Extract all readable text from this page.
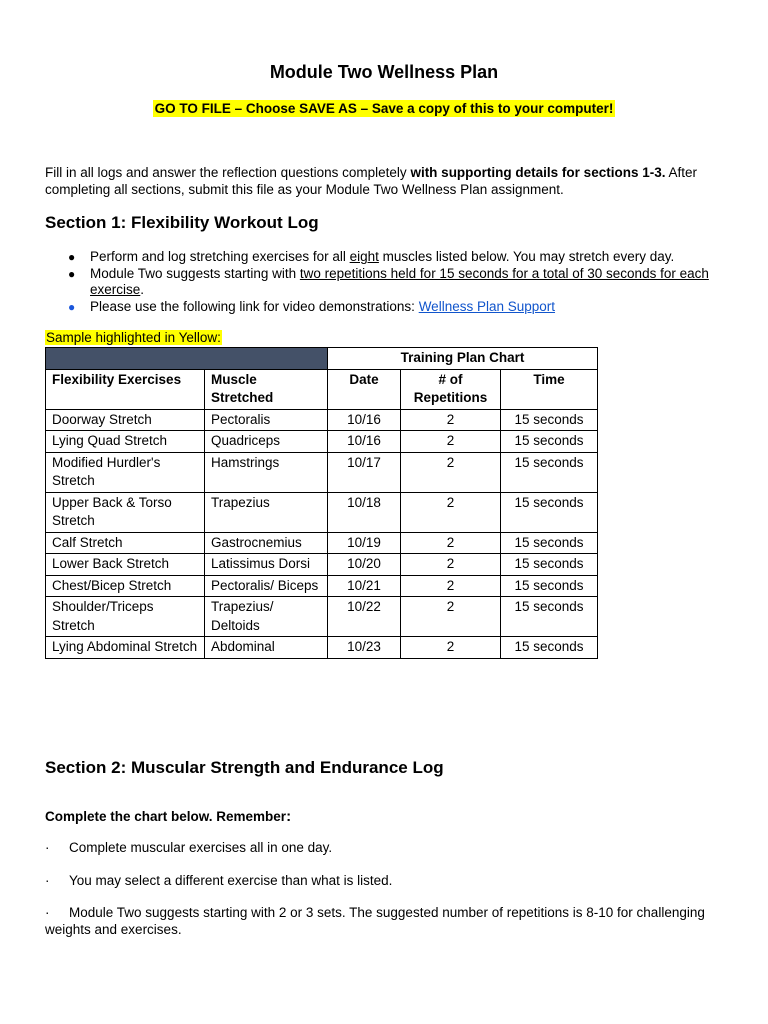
Module Two Wellness Plan
GO TO FILE – Choose SAVE AS – Save a copy of this to your computer!
Fill in all logs and answer the reflection questions completely with supporting details for sections 1-3. After completing all sections, submit this file as your Module Two Wellness Plan assignment.
Section 1: Flexibility Workout Log
● Perform and log stretching exercises for all eight muscles listed below. You may stretch every day.
● Module Two suggests starting with two repetitions held for 15 seconds for a total of 30 seconds for each exercise.
● Please use the following link for video demonstrations: Wellness Plan Support
Sample highlighted in Yellow:
		Training Plan Chart		
Flexibility Exercises	Muscle Stretched	Date	# of Repetitions	Time
Doorway Stretch	Pectoralis	10/16	2	15 seconds
Lying Quad Stretch	Quadriceps	10/16	2	15 seconds
Modified Hurdler's Stretch	Hamstrings	10/17	2	15 seconds
Upper Back & Torso Stretch	Trapezius	10/18	2	15 seconds
Calf Stretch	Gastrocnemius	10/19	2	15 seconds
Lower Back Stretch	Latissimus Dorsi	10/20	2	15 seconds
Chest/Bicep Stretch	Pectoralis/ Biceps	10/21	2	15 seconds
Shoulder/Triceps Stretch	Trapezius/ Deltoids	10/22	2	15 seconds
Lying Abdominal Stretch	Abdominal	10/23	2	15 seconds
Section 2: Muscular Strength and Endurance Log
Complete the chart below. Remember:
· Complete muscular exercises all in one day.
· You may select a different exercise than what is listed.
· Module Two suggests starting with 2 or 3 sets. The suggested number of repetitions is 8-10 for challenging weights and exercises.
